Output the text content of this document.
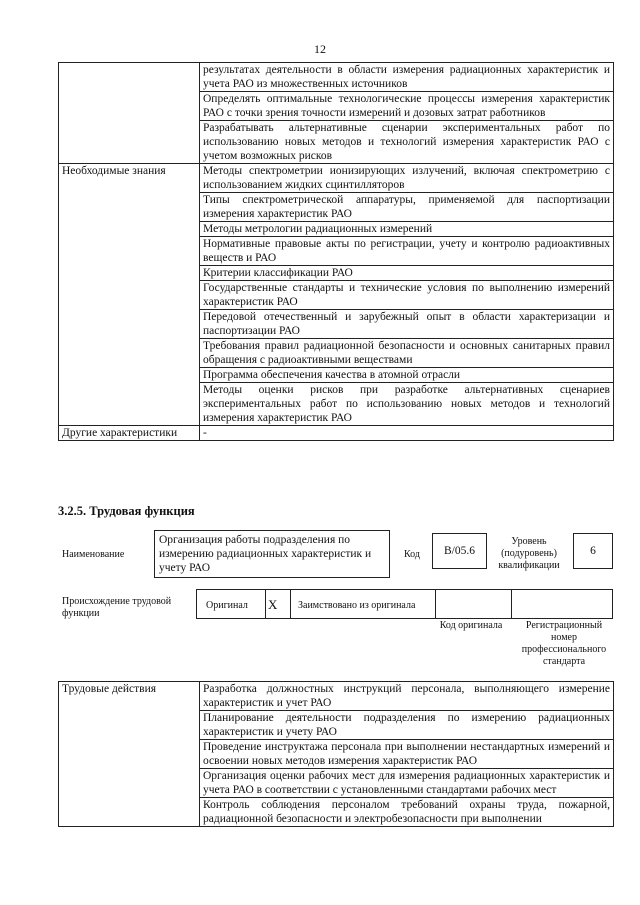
12
	результатах деятельности в области измерения радиационных характеристик и учета РАО из множественных источников
	Определять оптимальные технологические процессы измерения характеристик РАО с точки зрения точности измерений и дозовых затрат работников
	Разрабатывать альтернативные сценарии экспериментальных работ по использованию новых методов и технологий измерения характеристик РАО с учетом возможных рисков
Необходимые знания	Методы спектрометрии ионизирующих излучений, включая спектрометрию с использованием жидких сцинтилляторов
	Типы спектрометрической аппаратуры, применяемой для паспортизации измерения характеристик РАО
	Методы метрологии радиационных измерений
	Нормативные правовые акты по регистрации, учету и контролю радиоактивных веществ и РАО
	Критерии классификации РАО
	Государственные стандарты и технические условия по выполнению измерений характеристик РАО
	Передовой отечественный и зарубежный опыт в области характеризации и паспортизации РАО
	Требования правил радиационной безопасности и основных санитарных правил обращения с радиоактивными веществами
	Программа обеспечения качества в атомной отрасли
	Методы оценки рисков при разработке альтернативных сценариев экспериментальных работ по использованию новых методов и технологий измерения характеристик РАО
Другие характеристики	-
3.2.5. Трудовая функция
Наименование
Организация работы подразделения по измерению радиационных характеристик и учету РАО
Код	B/05.6
Уровень (подуровень) квалификации
6
Происхождение трудовой функции
Оригинал X Заимствовано из оригинала
Код оригинала	Регистрационный номер профессионального стандарта
Трудовые действия	Разработка должностных инструкций персонала, выполняющего измерение характеристик и учет РАО
Планирование деятельности подразделения по измерению радиационных характеристик и учету РАО
Проведение инструктажа персонала при выполнении нестандартных измерений и освоении новых методов измерения характеристик РАО
Организация оценки рабочих мест для измерения радиационных характеристик и учета РАО в соответствии с установленными стандартами рабочих мест
Контроль соблюдения персоналом требований охраны труда, пожарной, радиационной безопасности и электробезопасности при выполнении
